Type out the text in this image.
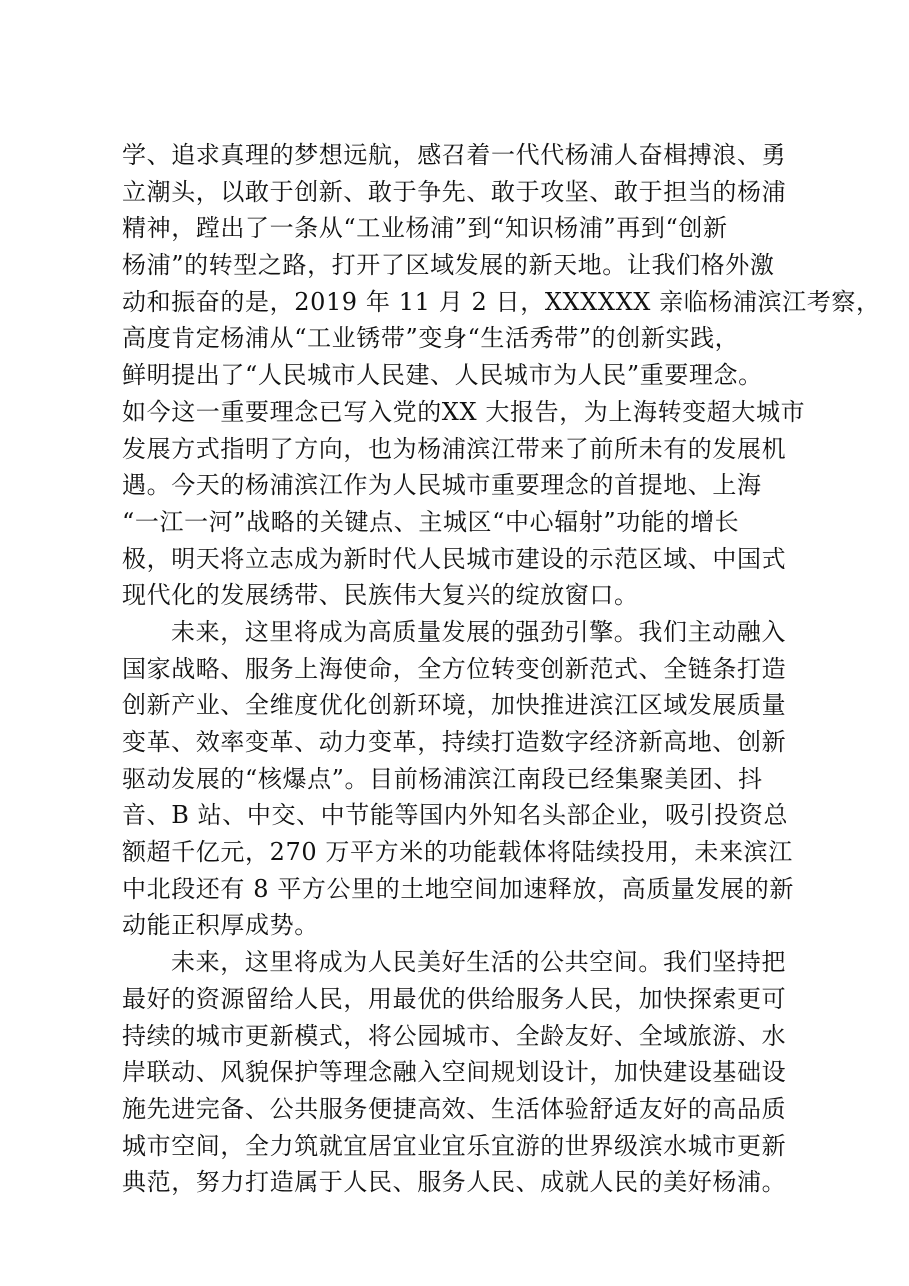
学、追求真理的梦想远航，感召着一代代杨浦人奋楫搏浪、勇
立潮头，以敢于创新、敢于争先、敢于攻坚、敢于担当的杨浦
精神，蹚出了一条从“工业杨浦”到“知识杨浦”再到“创新
杨浦”的转型之路，打开了区域发展的新天地。让我们格外激
动和振奋的是，2019 年 11 月 2 日，XXXXXX 亲临杨浦滨江考察，
高度肯定杨浦从“工业锈带”变身“生活秀带”的创新实践，
鲜明提出了“人民城市人民建、人民城市为人民”重要理念。
如今这一重要理念已写入党的XX 大报告，为上海转变超大城市
发展方式指明了方向，也为杨浦滨江带来了前所未有的发展机
遇。今天的杨浦滨江作为人民城市重要理念的首提地、上海
“一江一河”战略的关键点、主城区“中心辐射”功能的增长
极，明天将立志成为新时代人民城市建设的示范区域、中国式
现代化的发展绣带、民族伟大复兴的绽放窗口。

未来，这里将成为高质量发展的强劲引擎。我们主动融入
国家战略、服务上海使命，全方位转变创新范式、全链条打造
创新产业、全维度优化创新环境，加快推进滨江区域发展质量
变革、效率变革、动力变革，持续打造数字经济新高地、创新
驱动发展的“核爆点”。目前杨浦滨江南段已经集聚美团、抖
音、B 站、中交、中节能等国内外知名头部企业，吸引投资总
额超千亿元，270 万平方米的功能载体将陆续投用，未来滨江
中北段还有 8 平方公里的土地空间加速释放，高质量发展的新
动能正积厚成势。

未来，这里将成为人民美好生活的公共空间。我们坚持把
最好的资源留给人民，用最优的供给服务人民，加快探索更可
持续的城市更新模式，将公园城市、全龄友好、全域旅游、水
岸联动、风貌保护等理念融入空间规划设计，加快建设基础设
施先进完备、公共服务便捷高效、生活体验舒适友好的高品质
城市空间，全力筑就宜居宜业宜乐宜游的世界级滨水城市更新
典范，努力打造属于人民、服务人民、成就人民的美好杨浦。
